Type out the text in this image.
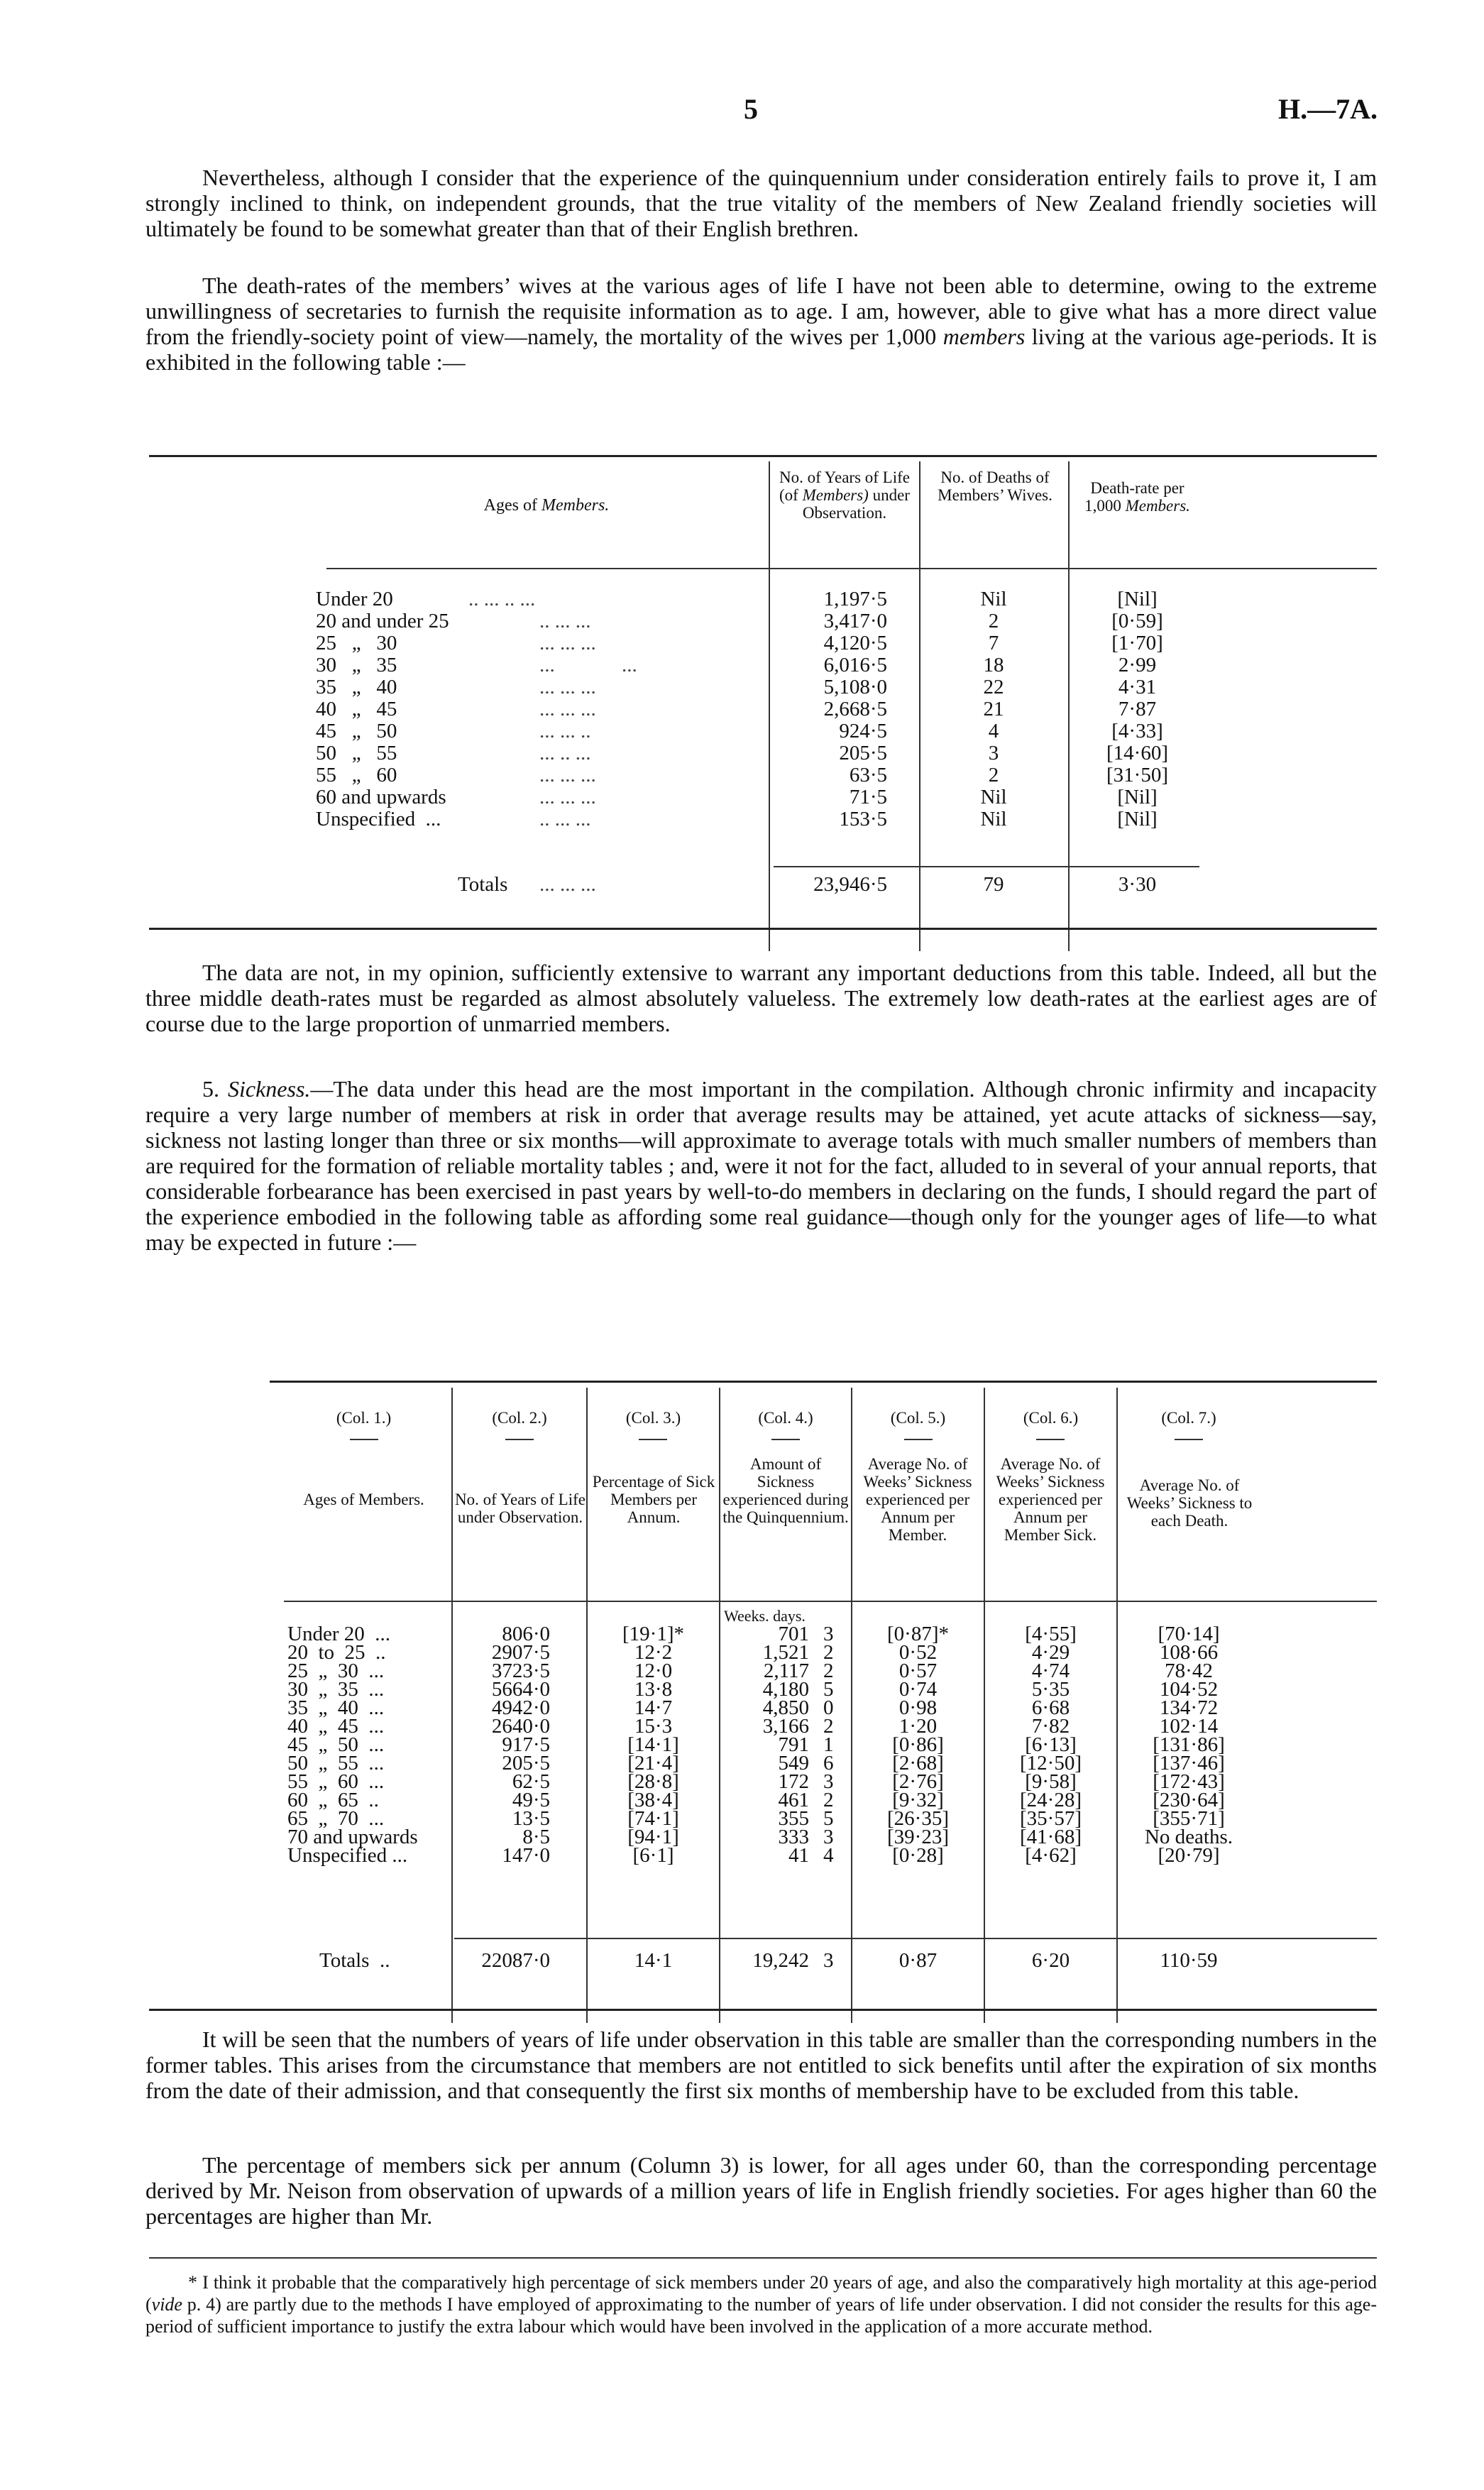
5	H.—7A.

Nevertheless, although I consider that the experience of the quinquennium under consideration entirely fails to prove it, I am strongly inclined to think, on independent grounds, that the true vitality of the members of New Zealand friendly societies will ultimately be found to be somewhat greater than that of their English brethren.

The death-rates of the members’ wives at the various ages of life I have not been able to determine, owing to the extreme unwillingness of secretaries to furnish the requisite information as to age. I am, however, able to give what has a more direct value from the friendly-society point of view—namely, the mortality of the wives per 1,000 members living at the various age-periods. It is exhibited in the following table :—

Ages of Members.
No. of Years of Life (of Members) under Observation.
No. of Deaths of Members’ Wives.	Death-rate per 1,000 Members.
Under 20	.. ... .. ...	1,197·5	Nil	[Nil]
20 and under 25	.. ... ...	3,417·0	2	[0·59]
25   „   30	... ... ...	4,120·5	7	[1·70]
30   „   35	...             ...	6,016·5	18	2·99
35   „   40	... ... ...	5,108·0	22	4·31
40   „   45	... ... ...	2,668·5	21	7·87
45   „   50	... ... ..	924·5	4	[4·33]
50   „   55	... .. ...	205·5	3	[14·60]
55   „   60	... ... ...	63·5	2	[31·50]
60 and upwards	... ... ...	71·5	Nil	[Nil]
Unspecified  ...	.. ... ...	153·5	Nil	[Nil]
Totals ... ... ...	23,946·5	79	3·30

The data are not, in my opinion, sufficiently extensive to warrant any important deductions from this table. Indeed, all but the three middle death-rates must be regarded as almost absolutely valueless. The extremely low death-rates at the earliest ages are of course due to the large proportion of unmarried members.

5. Sickness.—The data under this head are the most important in the compilation. Although chronic infirmity and incapacity require a very large number of members at risk in order that average results may be attained, yet acute attacks of sickness—say, sickness not lasting longer than three or six months—will approximate to average totals with much smaller numbers of members than are required for the formation of reliable mortality tables ; and, were it not for the fact, alluded to in several of your annual reports, that considerable forbearance has been exercised in past years by well-to-do members in declaring on the funds, I should regard the part of the experience embodied in the following table as affording some real guidance—though only for the younger ages of life—to what may be expected in future :—

(Col. 1.)	(Col. 2.)	(Col. 3.)	(Col. 4.)	(Col. 5.)	(Col. 6.)	(Col. 7.)
Ages of Members.	No. of Years of Life under Observation.
Percentage of Sick Members per Annum.
Amount of Sickness experienced during the Quinquennium.
Average No. of Weeks’ Sickness experienced per Annum per Member.
Average No. of Weeks’ Sickness experienced per Annum per Member Sick.
Average No. of Weeks’ Sickness to each Death.
Weeks. days.
Under 20  ...	806·0	[19·1]*	701 3	[0·87]*	[4·55]	[70·14]
20  to  25  ..	2907·5	12·2	1,521 2	0·52	4·29	108·66
25  „  30  ...	3723·5	12·0	2,117 2	0·57	4·74	78·42
30  „  35  ...	5664·0	13·8	4,180 5	0·74	5·35	104·52
35  „  40  ...	4942·0	14·7	4,850 0	0·98	6·68	134·72
40  „  45  ...	2640·0	15·3	3,166 2	1·20	7·82	102·14
45  „  50  ...	917·5	[14·1]	791 1	[0·86]	[6·13]	[131·86]
50  „  55  ...	205·5	[21·4]	549 6	[2·68]	[12·50]	[137·46]
55  „  60  ...	62·5	[28·8]	172 3	[2·76]	[9·58]	[172·43]
60  „  65  ..	49·5	[38·4]	461 2	[9·32]	[24·28]	[230·64]
65  „  70  ...	13·5	[74·1]	355 5	[26·35]	[35·57]	[355·71]
70 and upwards	8·5	[94·1]	333 3	[39·23]	[41·68]	No deaths.
Unspecified ...	147·0	[6·1]	41 4	[0·28]	[4·62]	[20·79]
Totals  ..	22087·0	14·1	19,242 3	0·87	6·20	110·59

It will be seen that the numbers of years of life under observation in this table are smaller than the corresponding numbers in the former tables. This arises from the circumstance that members are not entitled to sick benefits until after the expiration of six months from the date of their admission, and that consequently the first six months of membership have to be excluded from this table.

The percentage of members sick per annum (Column 3) is lower, for all ages under 60, than the corresponding percentage derived by Mr. Neison from observation of upwards of a million years of life in English friendly societies. For ages higher than 60 the percentages are higher than Mr.

* I think it probable that the comparatively high percentage of sick members under 20 years of age, and also the comparatively high mortality at this age-period (vide p. 4) are partly due to the methods I have employed of approximating to the number of years of life under observation. I did not consider the results for this age-period of sufficient importance to justify the extra labour which would have been involved in the application of a more accurate method.
